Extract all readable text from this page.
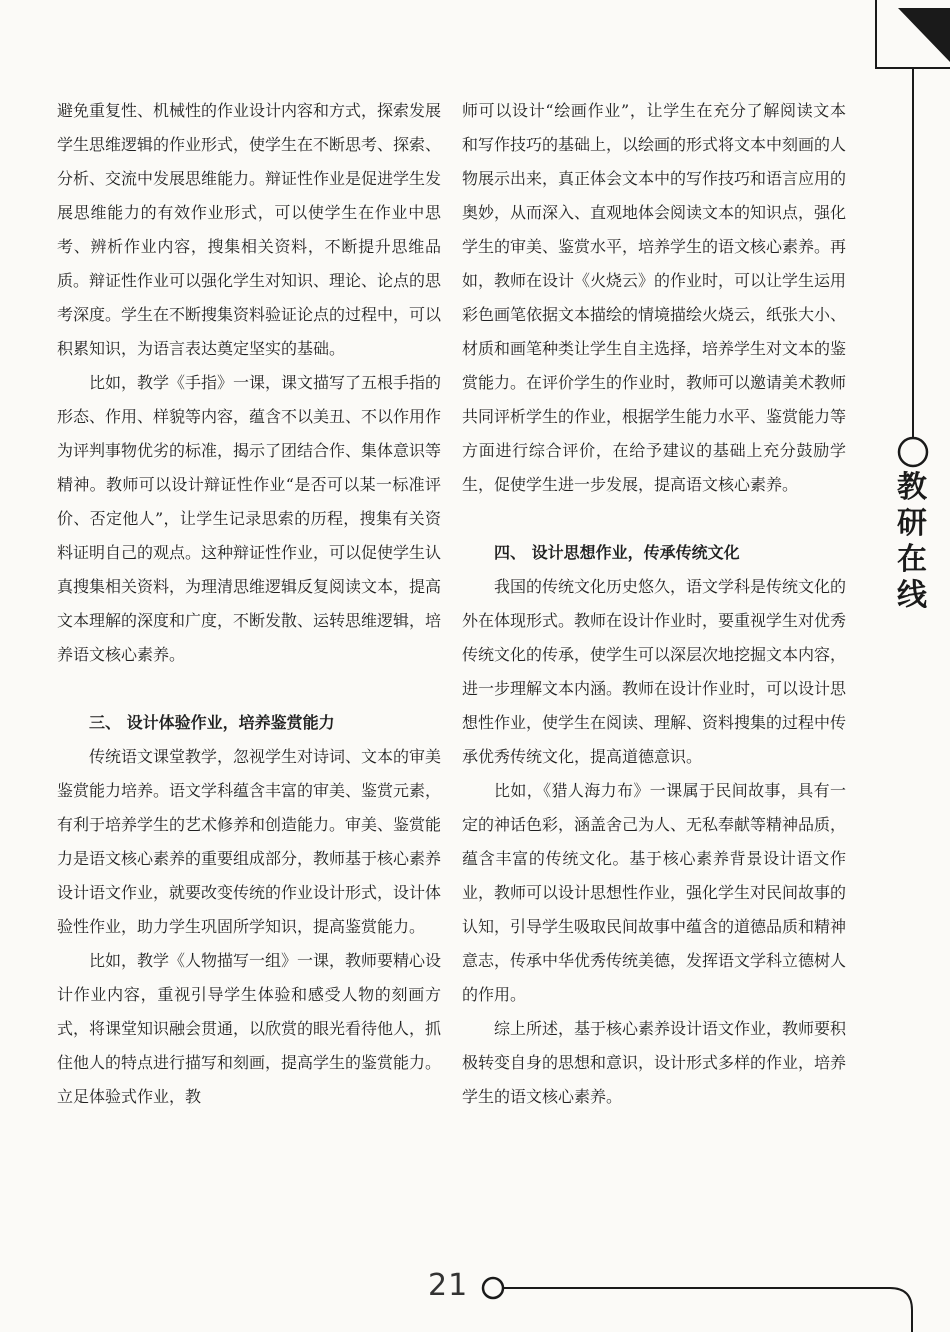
教研在线

避免重复性、机械性的作业设计内容和方式，探索发展学生思维逻辑的作业形式，使学生在不断思考、探索、分析、交流中发展思维能力。辩证性作业是促进学生发展思维能力的有效作业形式，可以使学生在作业中思考、辨析作业内容，搜集相关资料，不断提升思维品质。辩证性作业可以强化学生对知识、理论、论点的思考深度。学生在不断搜集资料验证论点的过程中，可以积累知识，为语言表达奠定坚实的基础。

比如，教学《手指》一课，课文描写了五根手指的形态、作用、样貌等内容，蕴含不以美丑、不以作用作为评判事物优劣的标准，揭示了团结合作、集体意识等精神。教师可以设计辩证性作业“是否可以某一标准评价、否定他人”，让学生记录思索的历程，搜集有关资料证明自己的观点。这种辩证性作业，可以促使学生认真搜集相关资料，为理清思维逻辑反复阅读文本，提高文本理解的深度和广度，不断发散、运转思维逻辑，培养语文核心素养。

三、 设计体验作业，培养鉴赏能力

传统语文课堂教学，忽视学生对诗词、文本的审美鉴赏能力培养。语文学科蕴含丰富的审美、鉴赏元素，有利于培养学生的艺术修养和创造能力。审美、鉴赏能力是语文核心素养的重要组成部分，教师基于核心素养设计语文作业，就要改变传统的作业设计形式，设计体验性作业，助力学生巩固所学知识，提高鉴赏能力。

比如，教学《人物描写一组》一课，教师要精心设计作业内容，重视引导学生体验和感受人物的刻画方式，将课堂知识融会贯通，以欣赏的眼光看待他人，抓住他人的特点进行描写和刻画，提高学生的鉴赏能力。立足体验式作业，教

师可以设计“绘画作业”，让学生在充分了解阅读文本和写作技巧的基础上，以绘画的形式将文本中刻画的人物展示出来，真正体会文本中的写作技巧和语言应用的奥妙，从而深入、直观地体会阅读文本的知识点，强化学生的审美、鉴赏水平，培养学生的语文核心素养。再如，教师在设计《火烧云》的作业时，可以让学生运用彩色画笔依据文本描绘的情境描绘火烧云，纸张大小、材质和画笔种类让学生自主选择，培养学生对文本的鉴赏能力。在评价学生的作业时，教师可以邀请美术教师共同评析学生的作业，根据学生能力水平、鉴赏能力等方面进行综合评价，在给予建议的基础上充分鼓励学生，促使学生进一步发展，提高语文核心素养。

四、 设计思想作业，传承传统文化

我国的传统文化历史悠久，语文学科是传统文化的外在体现形式。教师在设计作业时，要重视学生对优秀传统文化的传承，使学生可以深层次地挖掘文本内容，进一步理解文本内涵。教师在设计作业时，可以设计思想性作业，使学生在阅读、理解、资料搜集的过程中传承优秀传统文化，提高道德意识。

比如，《猎人海力布》一课属于民间故事，具有一定的神话色彩，涵盖舍己为人、无私奉献等精神品质，蕴含丰富的传统文化。基于核心素养背景设计语文作业，教师可以设计思想性作业，强化学生对民间故事的认知，引导学生吸取民间故事中蕴含的道德品质和精神意志，传承中华优秀传统美德，发挥语文学科立德树人的作用。

综上所述，基于核心素养设计语文作业，教师要积极转变自身的思想和意识，设计形式多样的作业，培养学生的语文核心素养。

21
